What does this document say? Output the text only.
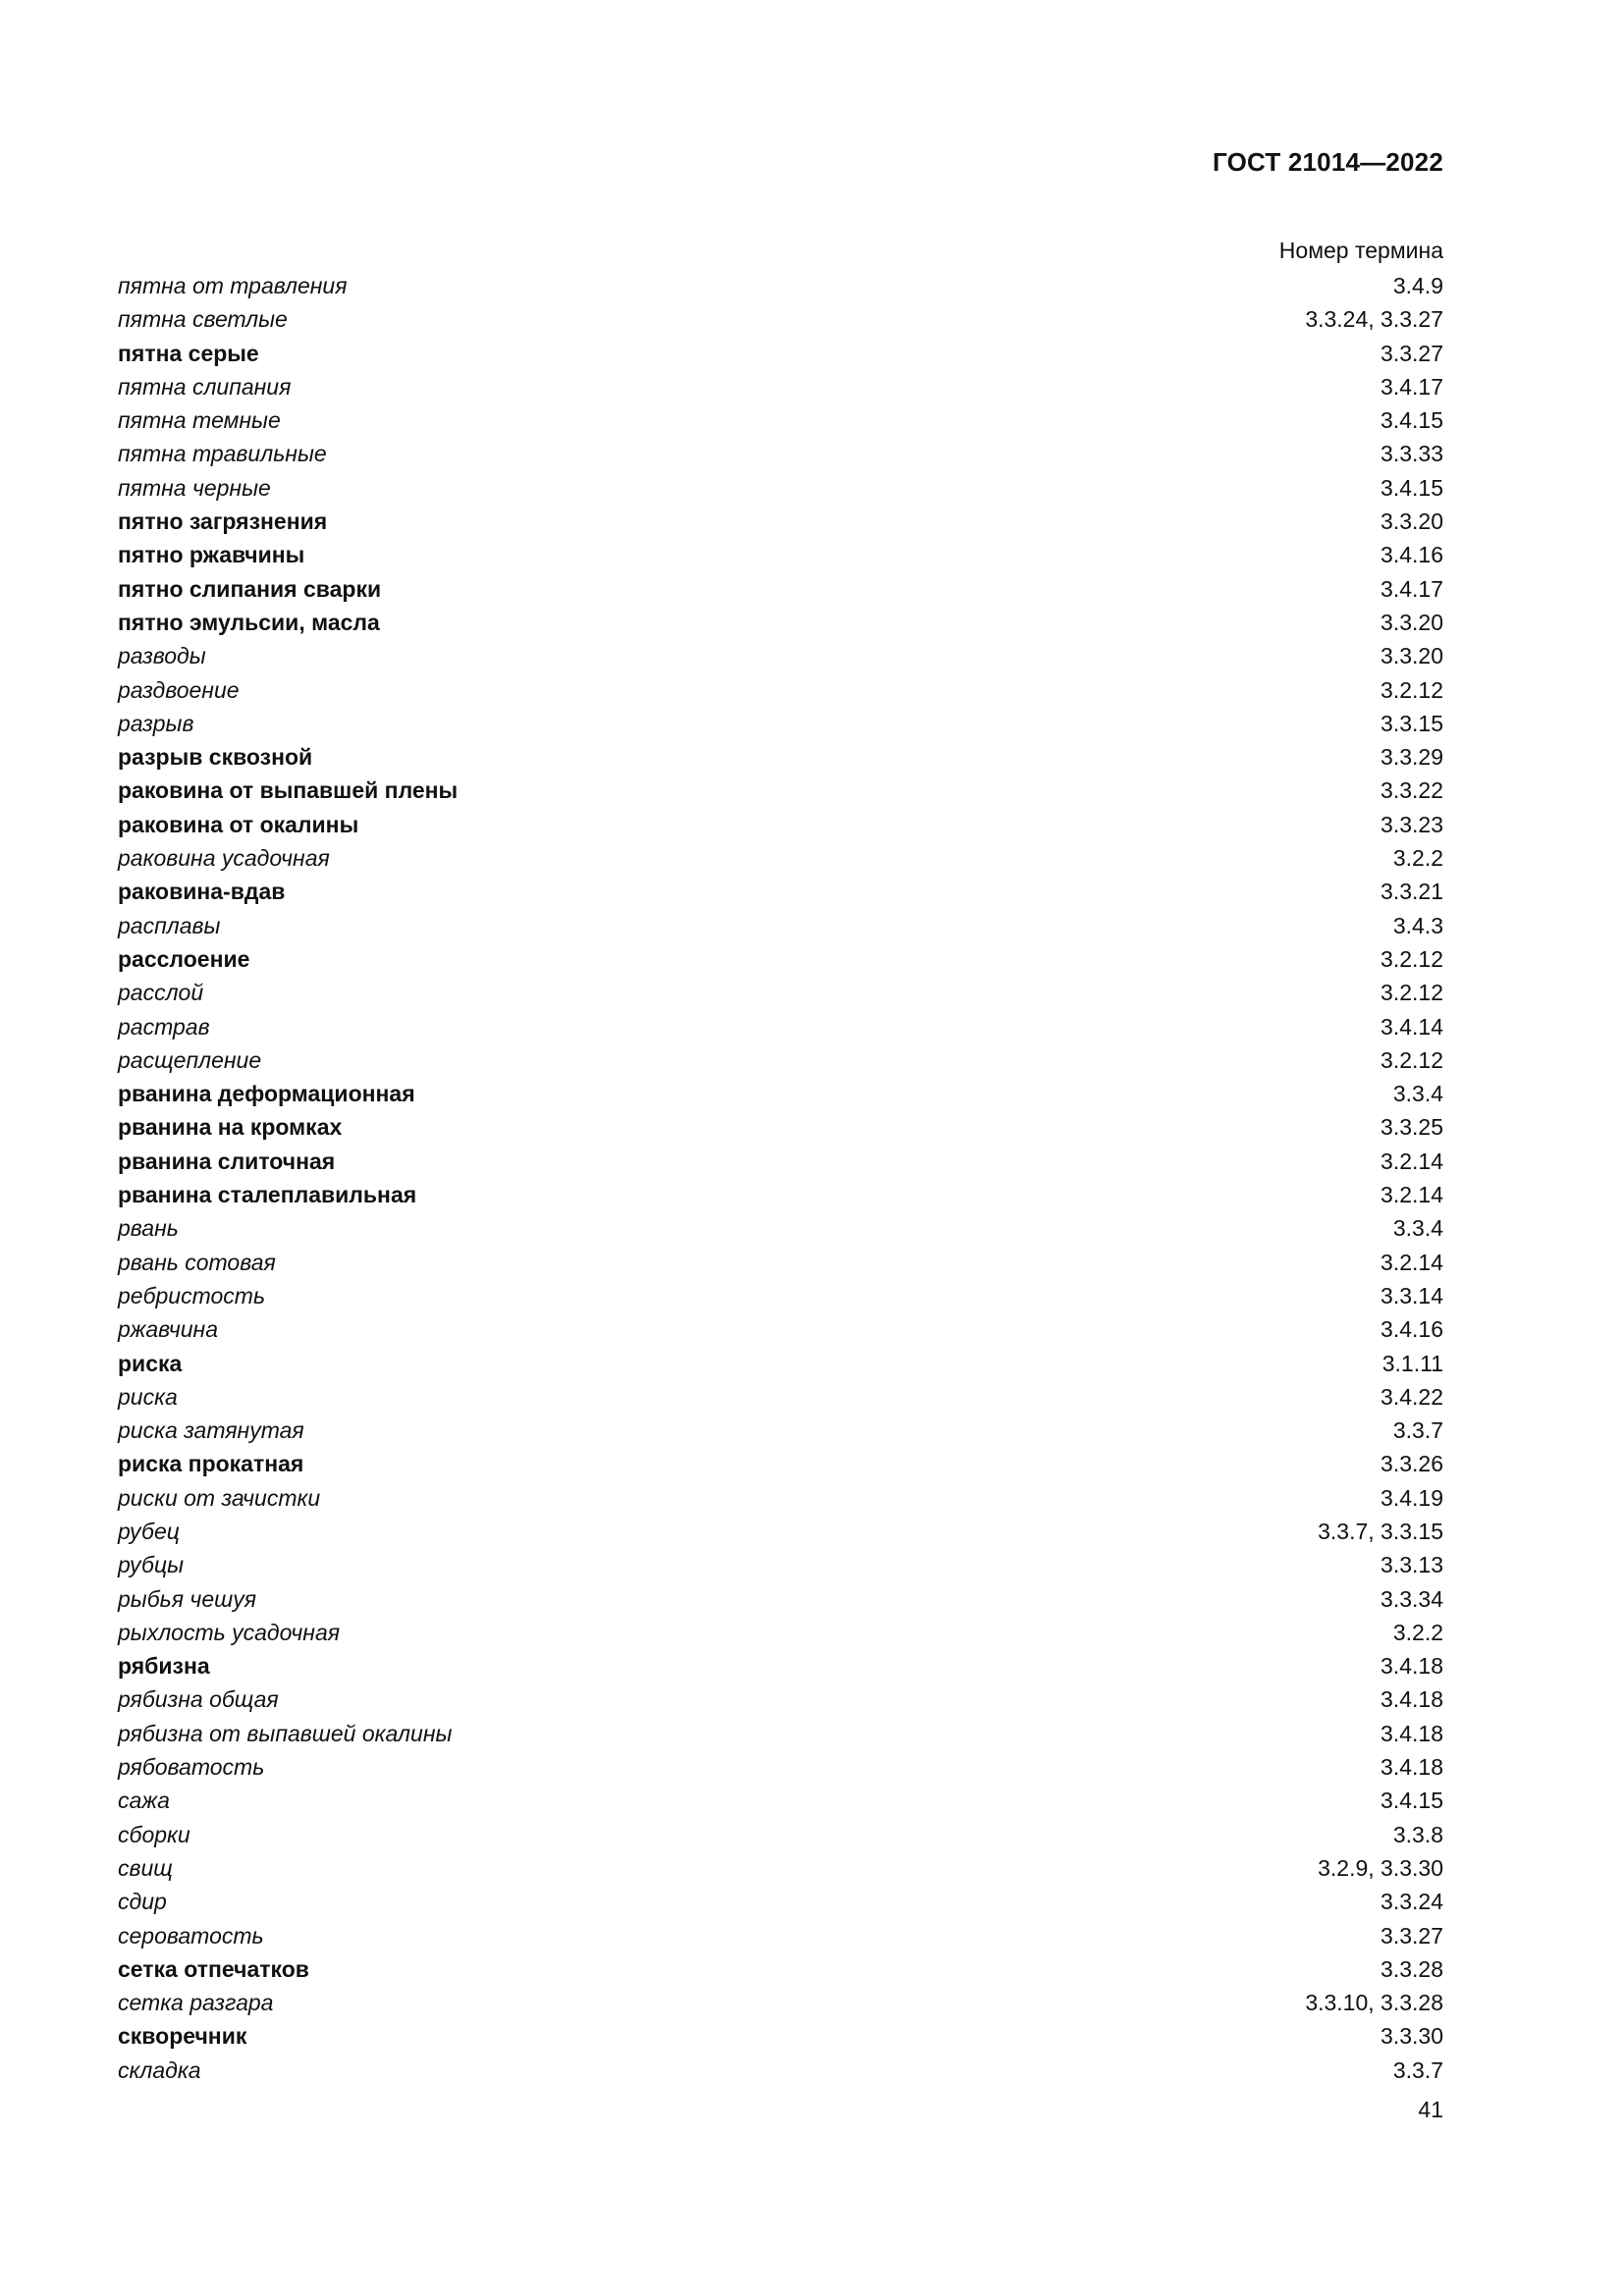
ГОСТ 21014—2022
Номер термина
пятна от травления	3.4.9
пятна светлые	3.3.24, 3.3.27
пятна серые	3.3.27
пятна слипания	3.4.17
пятна темные	3.4.15
пятна травильные	3.3.33
пятна черные	3.4.15
пятно загрязнения	3.3.20
пятно ржавчины	3.4.16
пятно слипания сварки	3.4.17
пятно эмульсии, масла	3.3.20
разводы	3.3.20
раздвоение	3.2.12
разрыв	3.3.15
разрыв сквозной	3.3.29
раковина от выпавшей плены	3.3.22
раковина от окалины	3.3.23
раковина усадочная	3.2.2
раковина-вдав	3.3.21
расплавы	3.4.3
расслоение	3.2.12
расслой	3.2.12
растрав	3.4.14
расщепление	3.2.12
рванина деформационная	3.3.4
рванина на кромках	3.3.25
рванина слиточная	3.2.14
рванина сталеплавильная	3.2.14
рвань	3.3.4
рвань сотовая	3.2.14
ребристость	3.3.14
ржавчина	3.4.16
риска	3.1.11
риска	3.4.22
риска затянутая	3.3.7
риска прокатная	3.3.26
риски от зачистки	3.4.19
рубец	3.3.7, 3.3.15
рубцы	3.3.13
рыбья чешуя	3.3.34
рыхлость усадочная	3.2.2
рябизна	3.4.18
рябизна общая	3.4.18
рябизна от выпавшей окалины	3.4.18
рябоватость	3.4.18
сажа	3.4.15
сборки	3.3.8
свищ	3.2.9, 3.3.30
сдир	3.3.24
сероватость	3.3.27
сетка отпечатков	3.3.28
сетка разгара	3.3.10, 3.3.28
скворечник	3.3.30
складка	3.3.7
41
